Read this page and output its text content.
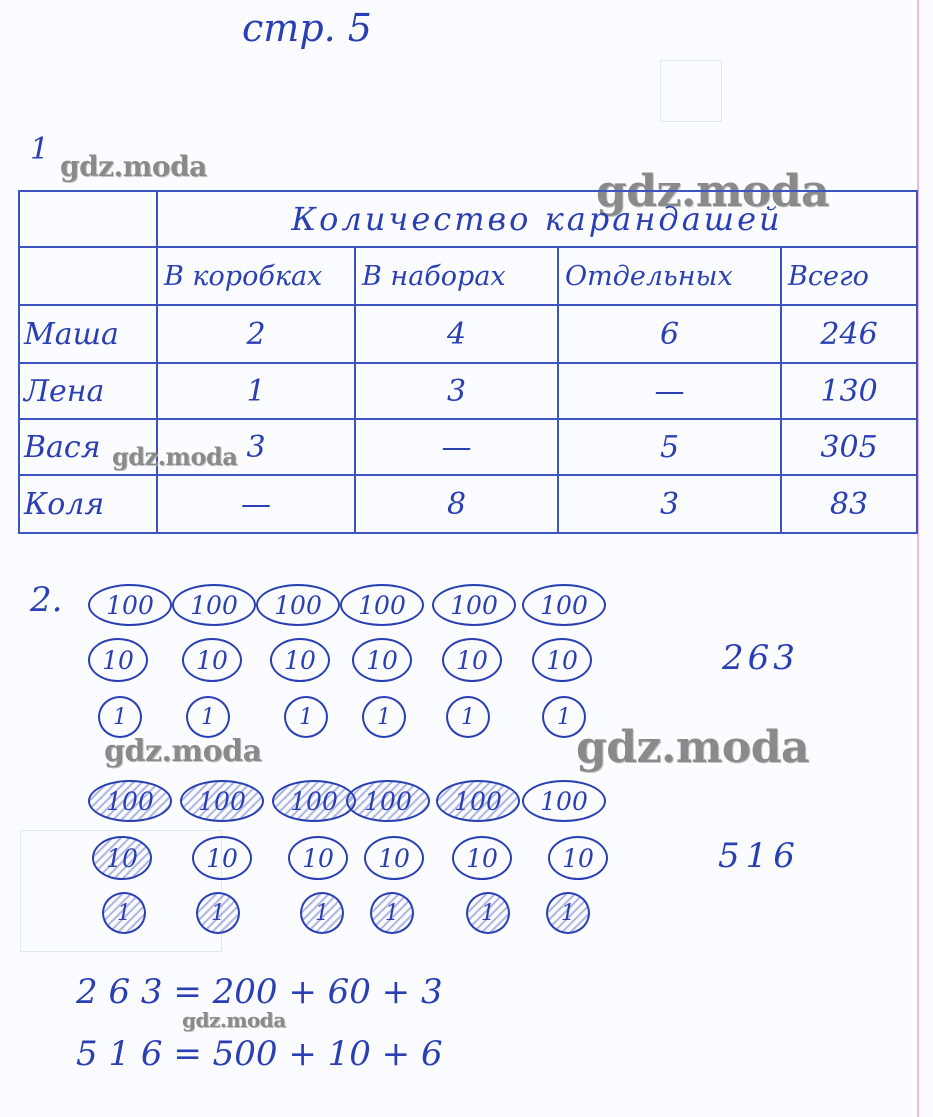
стр. 5
1 gdz.moda	gdz.moda
	Количество карандашей			
	В коробках	В наборах	Отдельных	Всего
Маша	2	4	6	246
Лена	1	3	—	130
Вася	3	—	5	305
Коля	—	8	3	83
gdz.moda
2.	100	100	100	100	100	100
10	10	10	10	10	10
1	1	1	1	1	1
263
gdz.moda	gdz.moda
100	100	100	100	100	100
10	10	10	10	10	10
1	1	1	1	1	1
516
2 6 3 = 200 + 60 + 3
gdz.moda
5 1 6 = 500 + 10 + 6
